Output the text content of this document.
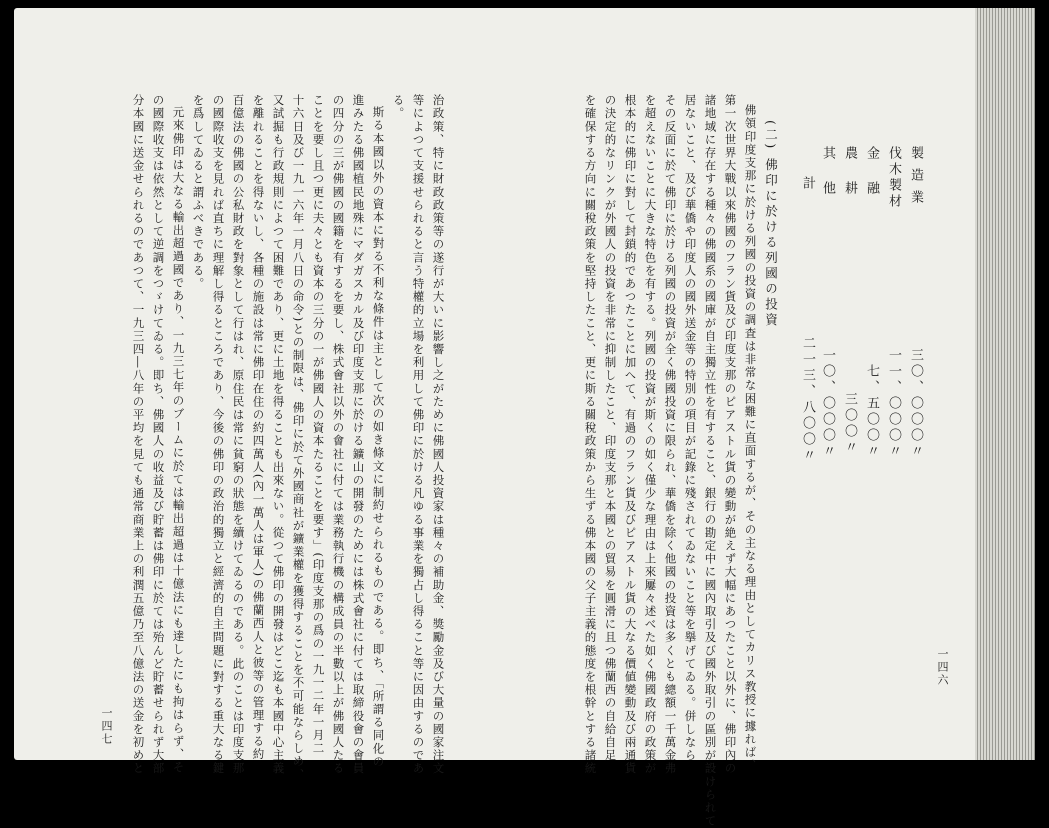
治政策、特に財政政策等の遂行が大いに影響し之がために佛國人投資家は種々の補助金、獎勵金及び大量の國家注文
等によつて支援せられると言う特權的立場を利用して佛印に於ける凡ゆる事業を獨占し得ること等に因由するのであ
る。
斯る本國以外の資本に對る不利な條件は主として次の如き條文に制約せられるものである。即ち、「所謂る同化の
進みたる佛國植民地殊にマダガスカル及び印度支那に於ける鑛山の開發のためには株式會社に付ては取締役會の會員
の四分の三が佛國の國籍を有するを要し、株式會社以外の會社に付ては業務執行機の構成員の半數以上が佛國人たる
ことを要し且つ更に夫々とも資本の三分の一が佛國人の資本たることを要す」(印度支那の爲の一九一二年一月二
十六日及び一九一六年一月八日の命令)との制限は、佛印に於て外國商社が鑛業權を獲得することを不可能ならしめ、
又試掘も行政規則によつて困難であり、更に土地を得ることも出來ない。從つて佛印の開發はどこ迄も本國中心主義
を離れることを得ないし、各種の施設は常に佛印在住の約四萬人(內一萬人は軍人)の佛蘭西人と彼等の管理する約
百億法の佛國の公私財政を對象として行はれ、原住民は常に貧窮の狀態を續けてゐるのである。此のことは印度支那
の國際收支を見れば直ちに理解し得るところであり、今後の佛印の政治的獨立と經濟的自主問題に對する重大なる鍵
を爲してゐると謂ふべきである。
元來佛印は大なる輸出超過國であり、一九三七年のブームに於ては輸出超過は十億法にも達したにも拘はらず、そ
の國際收支は依然として逆調をつゞけてゐる。即ち、佛國人の收益及び貯蓄は佛印に於ては殆んど貯蓄せられず大部
分本國に送金せられるのであつて、一九三四―八年の平均を見ても通常商業上の利潤五億乃至八億法の送金を初めと
一四七
製造業
三〇、〇〇〇〃
伐木製材
一一、〇〇〇〃
金融
七、五〇〇〃
農耕
三〇〇〃
其他
一〇、〇〇〇〃
計
二一三、八〇〇〃
(二) 佛印に於ける列國の投資
佛領印度支那に於ける列國の投資の調査は非常な困難に直面するが、その主なる理由としてカリス教授に據れば、
第一次世界大戰以來佛國のフラン貨及び印度支那のピアストル貨の變動が絶えず大幅にあつたこと以外に、佛印內の
諸地域に存在する種々の佛國系の國庫が自主獨立性を有すること、銀行の勘定中に國內取引及び國外取引の區別が設けられて
居ないこと、及び華僑や印度人の國外送金等の特別の項目が記錄に殘されてゐないこと等を擧げてゐる。併しなら
その反面に於て佛印に於ける列國の投資が全く佛國投資に限られ、華僑を除く他國の投資は多くとも總額一千萬金弗
を超えないことに大きな特色を有する。列國の投資が斯くの如く僅少な理由は上來屢々述べた如く佛國政府の政策が
根本的に佛印に對して封鎖的であつたことに加へて、有過のフラン貨及びピアストル貨の大なる價値變動及び兩通貨
の決定的なリンクが外國人の投資を非常に抑制したこと、印度支那と本國との貿易を圓滑に且つ佛蘭西の自給自足
を確保する方向に關稅政策を堅持したこと、更に斯る關稅政策から生ずる佛本國の父子主義的態度を根幹とする諸統	一四六
